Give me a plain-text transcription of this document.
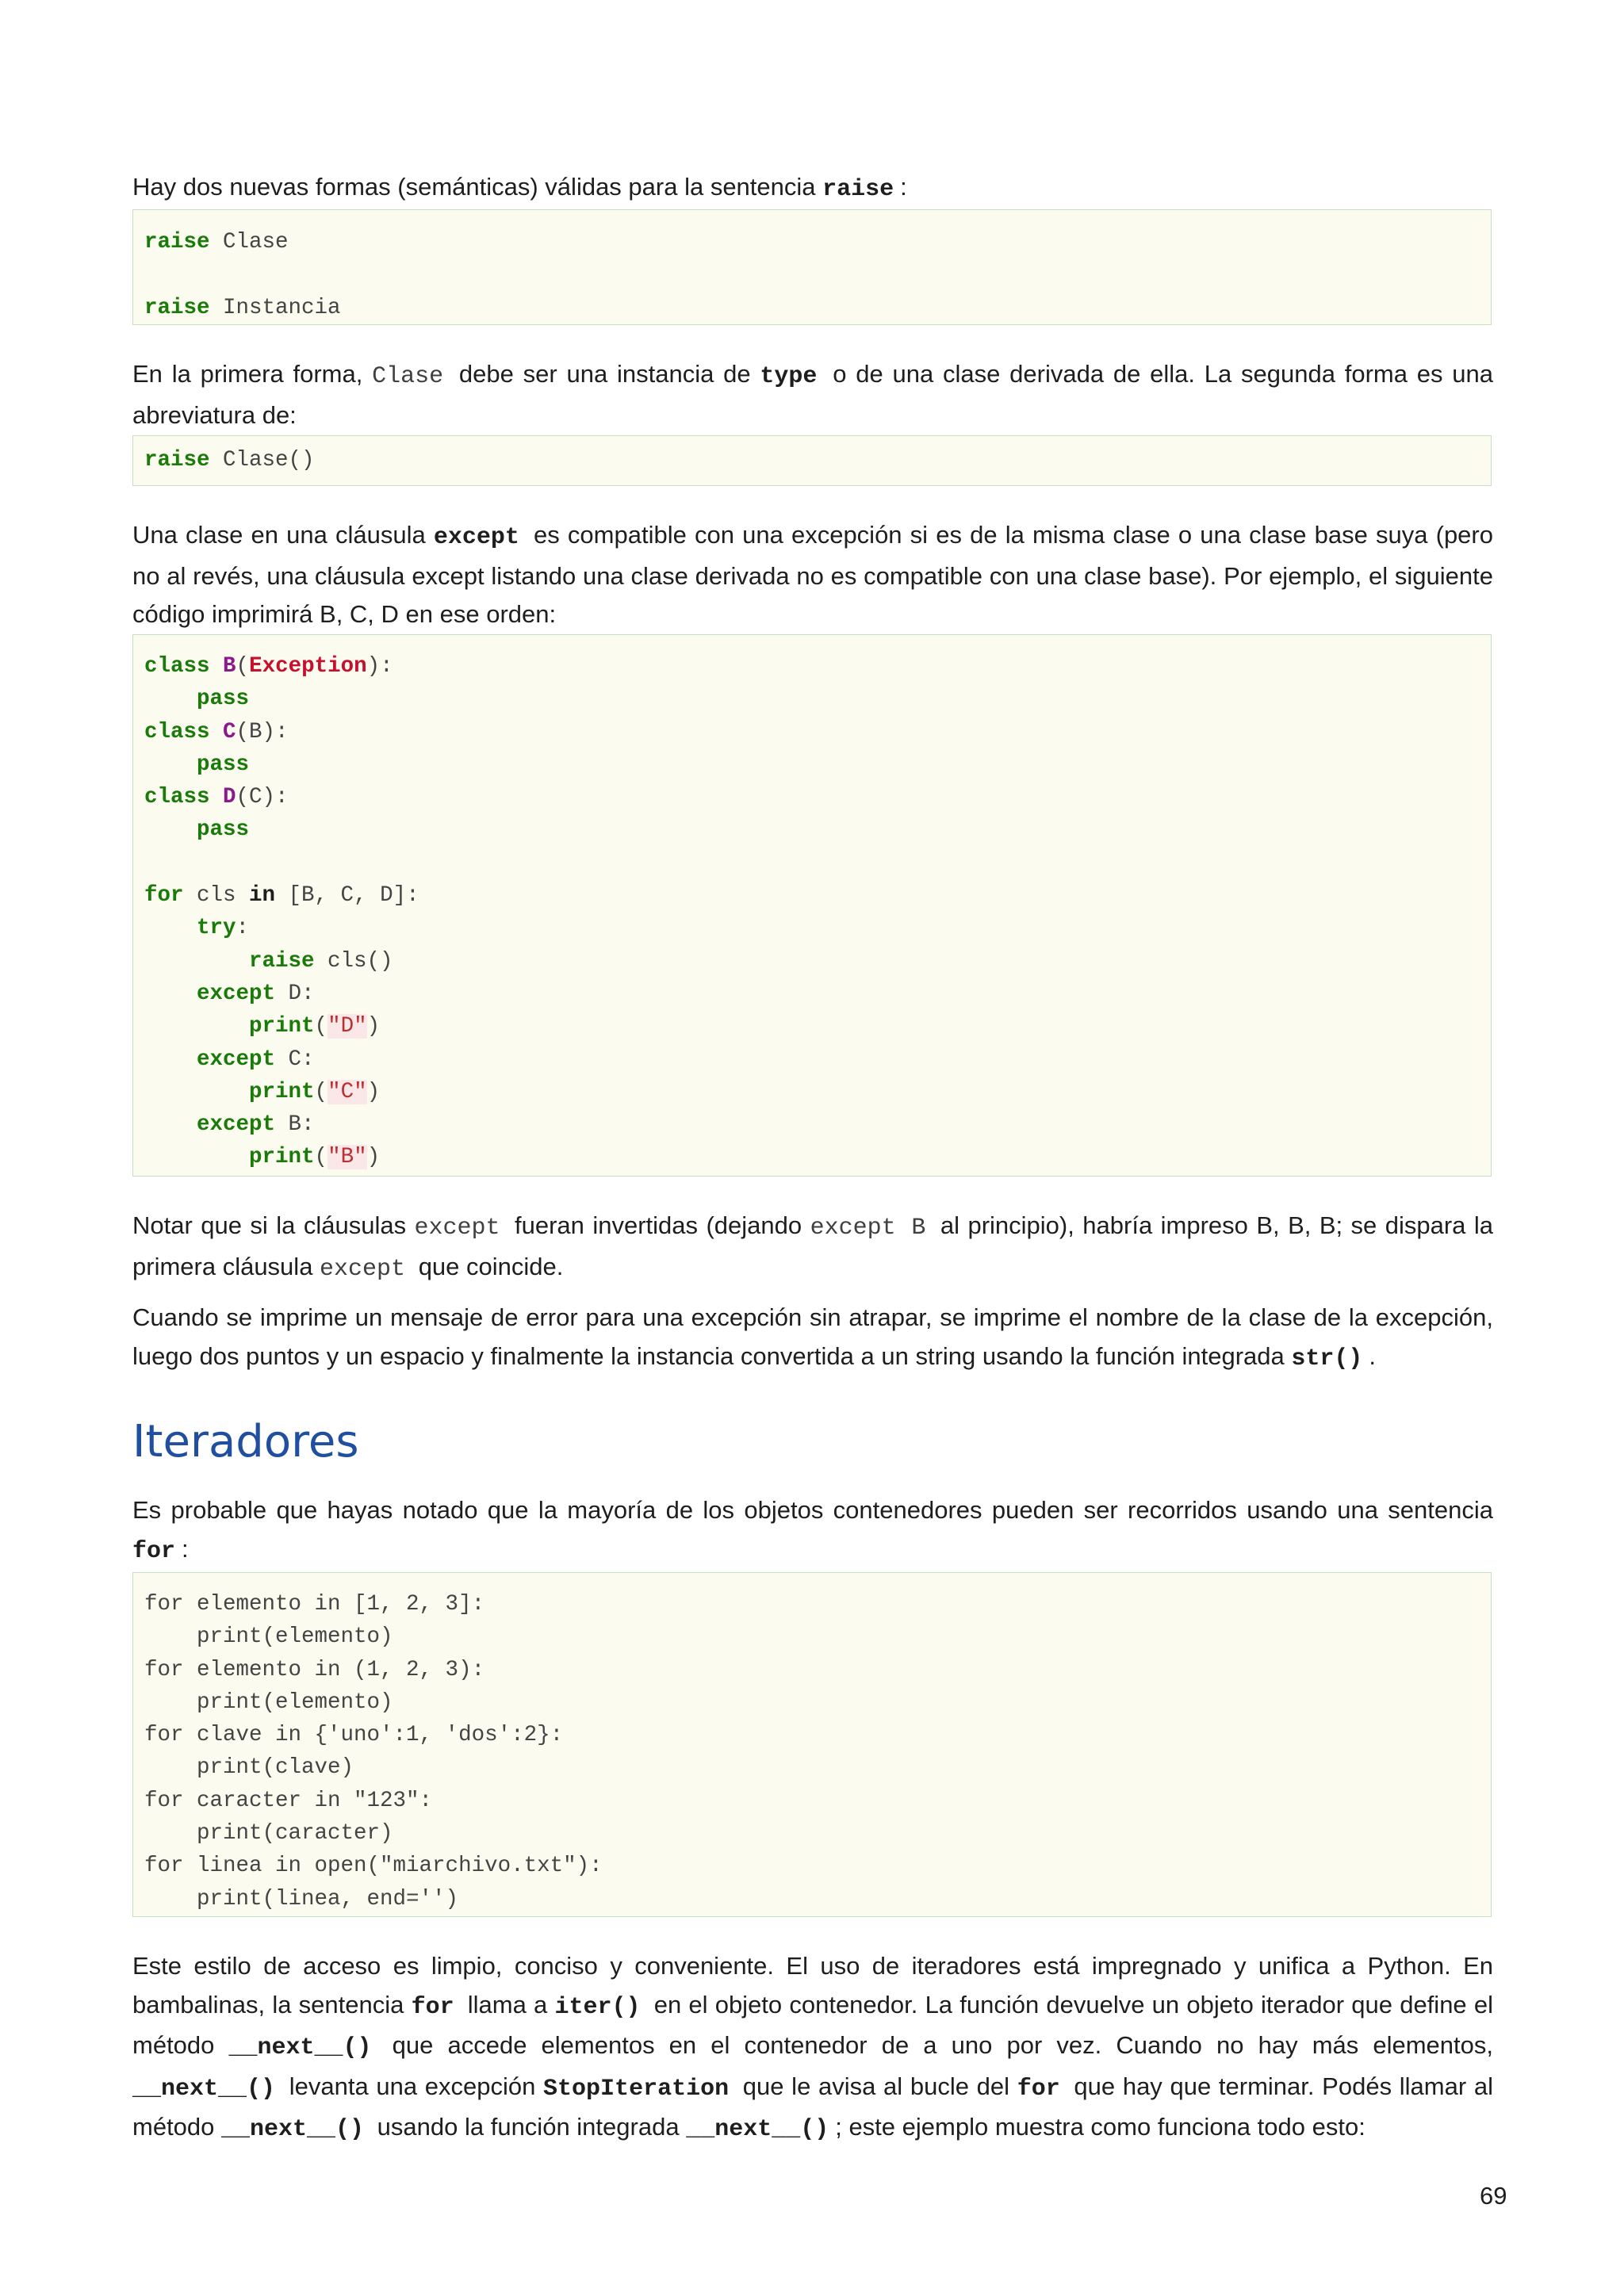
Hay dos nuevas formas (semánticas) válidas para la sentencia raise :

raise Clase
raise Instancia

En la primera forma, Clase debe ser una instancia de type o de una clase derivada de ella. La segunda forma es una abreviatura de:

raise Clase()

Una clase en una cláusula except es compatible con una excepción si es de la misma clase o una clase base suya (pero no al revés, una cláusula except listando una clase derivada no es compatible con una clase base). Por ejemplo, el siguiente código imprimirá B, C, D en ese orden:

class B(Exception):
pass
class C(B):
pass
class D(C):
pass
for cls in [B, C, D]:
try:
raise cls()
except D:
print("D")
except C:
print("C")
except B:
print("B")

Notar que si la cláusulas except fueran invertidas (dejando except B al principio), habría impreso B, B, B; se dispara la primera cláusula except que coincide.

Cuando se imprime un mensaje de error para una excepción sin atrapar, se imprime el nombre de la clase de la excepción, luego dos puntos y un espacio y finalmente la instancia convertida a un string usando la función integrada str() .

Iteradores

Es probable que hayas notado que la mayoría de los objetos contenedores pueden ser recorridos usando una sentencia for :

for elemento in [1, 2, 3]:
print(elemento)
for elemento in (1, 2, 3):
print(elemento)
for clave in {'uno':1, 'dos':2}:
print(clave)
for caracter in "123":
print(caracter)
for linea in open("miarchivo.txt"):
print(linea, end='')

Este estilo de acceso es limpio, conciso y conveniente. El uso de iteradores está impregnado y unifica a Python. En bambalinas, la sentencia for llama a iter() en el objeto contenedor. La función devuelve un objeto iterador que define el método __next__() que accede elementos en el contenedor de a uno por vez. Cuando no hay más elementos, __next__() levanta una excepción StopIteration que le avisa al bucle del for que hay que terminar. Podés llamar al método __next__() usando la función integrada __next__() ; este ejemplo muestra como funciona todo esto:

69
